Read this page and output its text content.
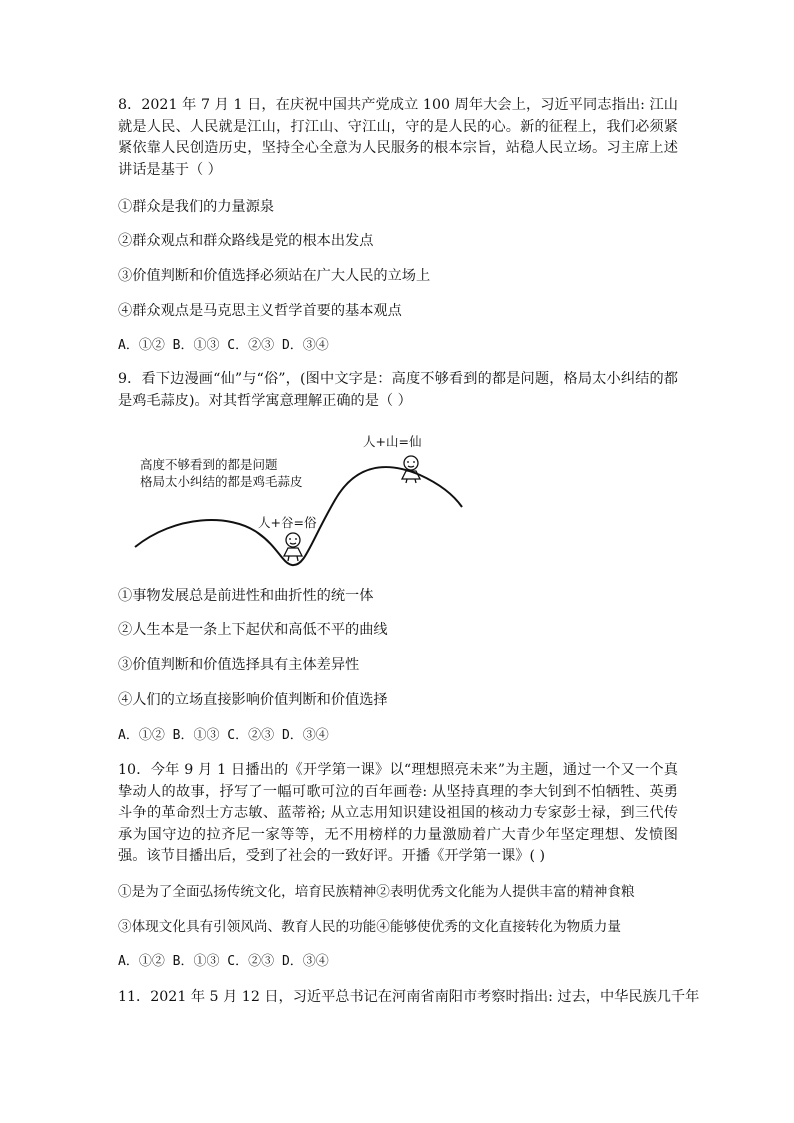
8．2021 年 7 月 1 日，在庆祝中国共产党成立 100 周年大会上，习近平同志指出: 江山就是人民、人民就是江山，打江山、守江山，守的是人民的心。新的征程上，我们必须紧紧依靠人民创造历史，坚持全心全意为人民服务的根本宗旨，站稳人民立场。习主席上述讲话是基于（ ）
①群众是我们的力量源泉
②群众观点和群众路线是党的根本出发点
③价值判断和价值选择必须站在广大人民的立场上
④群众观点是马克思主义哲学首要的基本观点
A．①② B．①③ C．②③ D．③④
9．看下边漫画“仙”与“俗”，(图中文字是：高度不够看到的都是问题，格局太小纠结的都是鸡毛蒜皮)。对其哲学寓意理解正确的是（ ）
高度不够看到的都是问题
格局太小纠结的都是鸡毛蒜皮
人+山=仙
人+谷=俗
①事物发展总是前进性和曲折性的统一体
②人生本是一条上下起伏和高低不平的曲线
③价值判断和价值选择具有主体差异性
④人们的立场直接影响价值判断和价值选择
A．①② B．①③ C．②③ D．③④
10．今年 9 月 1 日播出的《开学第一课》以“理想照亮未来”为主题，通过一个又一个真挚动人的故事，抒写了一幅可歌可泣的百年画卷: 从坚持真理的李大钊到不怕牺牲、英勇斗争的革命烈士方志敏、蓝蒂裕; 从立志用知识建设祖国的核动力专家彭士禄，到三代传承为国守边的拉齐尼一家等等，无不用榜样的力量激励着广大青少年坚定理想、发愤图强。该节目播出后，受到了社会的一致好评。开播《开学第一课》( )
①是为了全面弘扬传统文化，培育民族精神②表明优秀文化能为人提供丰富的精神食粮
③体现文化具有引领风尚、教育人民的功能④能够使优秀的文化直接转化为物质力量
A．①② B．①③ C．②③ D．③④
11．2021 年 5 月 12 日，习近平总书记在河南省南阳市考察时指出: 过去，中华民族几千年
